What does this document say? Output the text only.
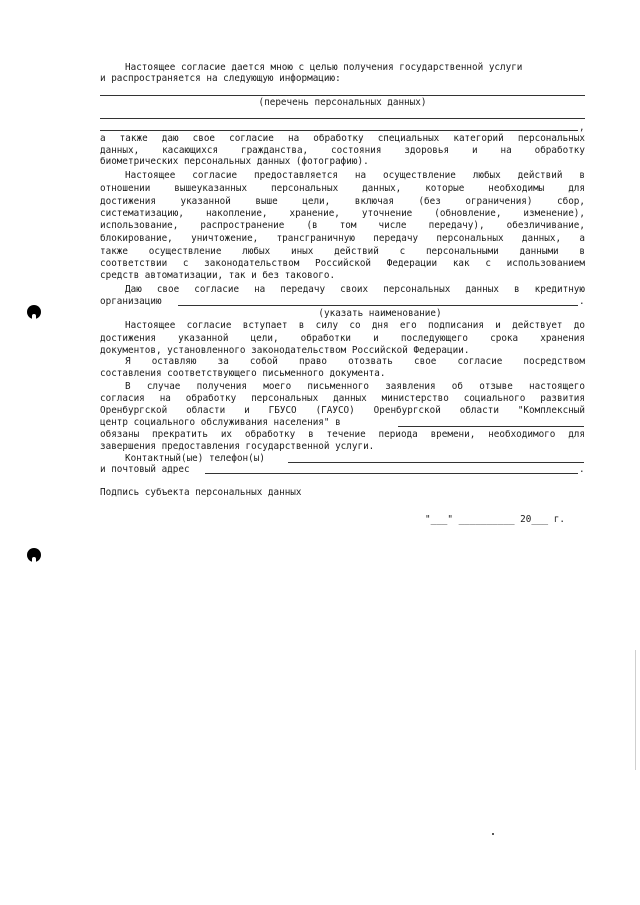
Настоящее согласие дается мною с целью получения государственной услуги
и распространяется на следующую информацию:
(перечень персональных данных)
,
а также даю свое согласие на обработку специальных категорий персональных
данных, касающихся гражданства, состояния здоровья и на обработку
биометрических персональных данных (фотографию).
Настоящее согласие предоставляется на осуществление любых действий в
отношении вышеуказанных персональных данных, которые необходимы для
достижения указанной выше цели, включая (без ограничения) сбор,
систематизацию, накопление, хранение, уточнение (обновление, изменение),
использование, распространение (в том числе передачу), обезличивание,
блокирование, уничтожение, трансграничную передачу персональных данных, а
также осуществление любых иных действий с персональными данными в
соответствии с законодательством Российской Федерации как с использованием
средств автоматизации, так и без такового.
Даю свое согласие на передачу своих персональных данных в кредитную
организацию	.
(указать наименование)
Настоящее согласие вступает в силу со дня его подписания и действует до
достижения указанной цели, обработки и последующего срока хранения
документов, установленного законодательством Российской Федерации.
Я оставляю за собой право отозвать свое согласие посредством
составления соответствующего письменного документа.
В случае получения моего письменного заявления об отзыве настоящего
согласия на обработку персональных данных министерство социального развития
Оренбургской области и ГБУСО (ГАУСО) Оренбургской области "Комплексный
центр социального обслуживания населения" в
обязаны прекратить их обработку в течение периода времени, необходимого для
завершения предоставления государственной услуги.
Контактный(ые) телефон(ы)
и почтовый адрес	.
Подпись субъекта персональных данных
"___" __________ 20___ г.
